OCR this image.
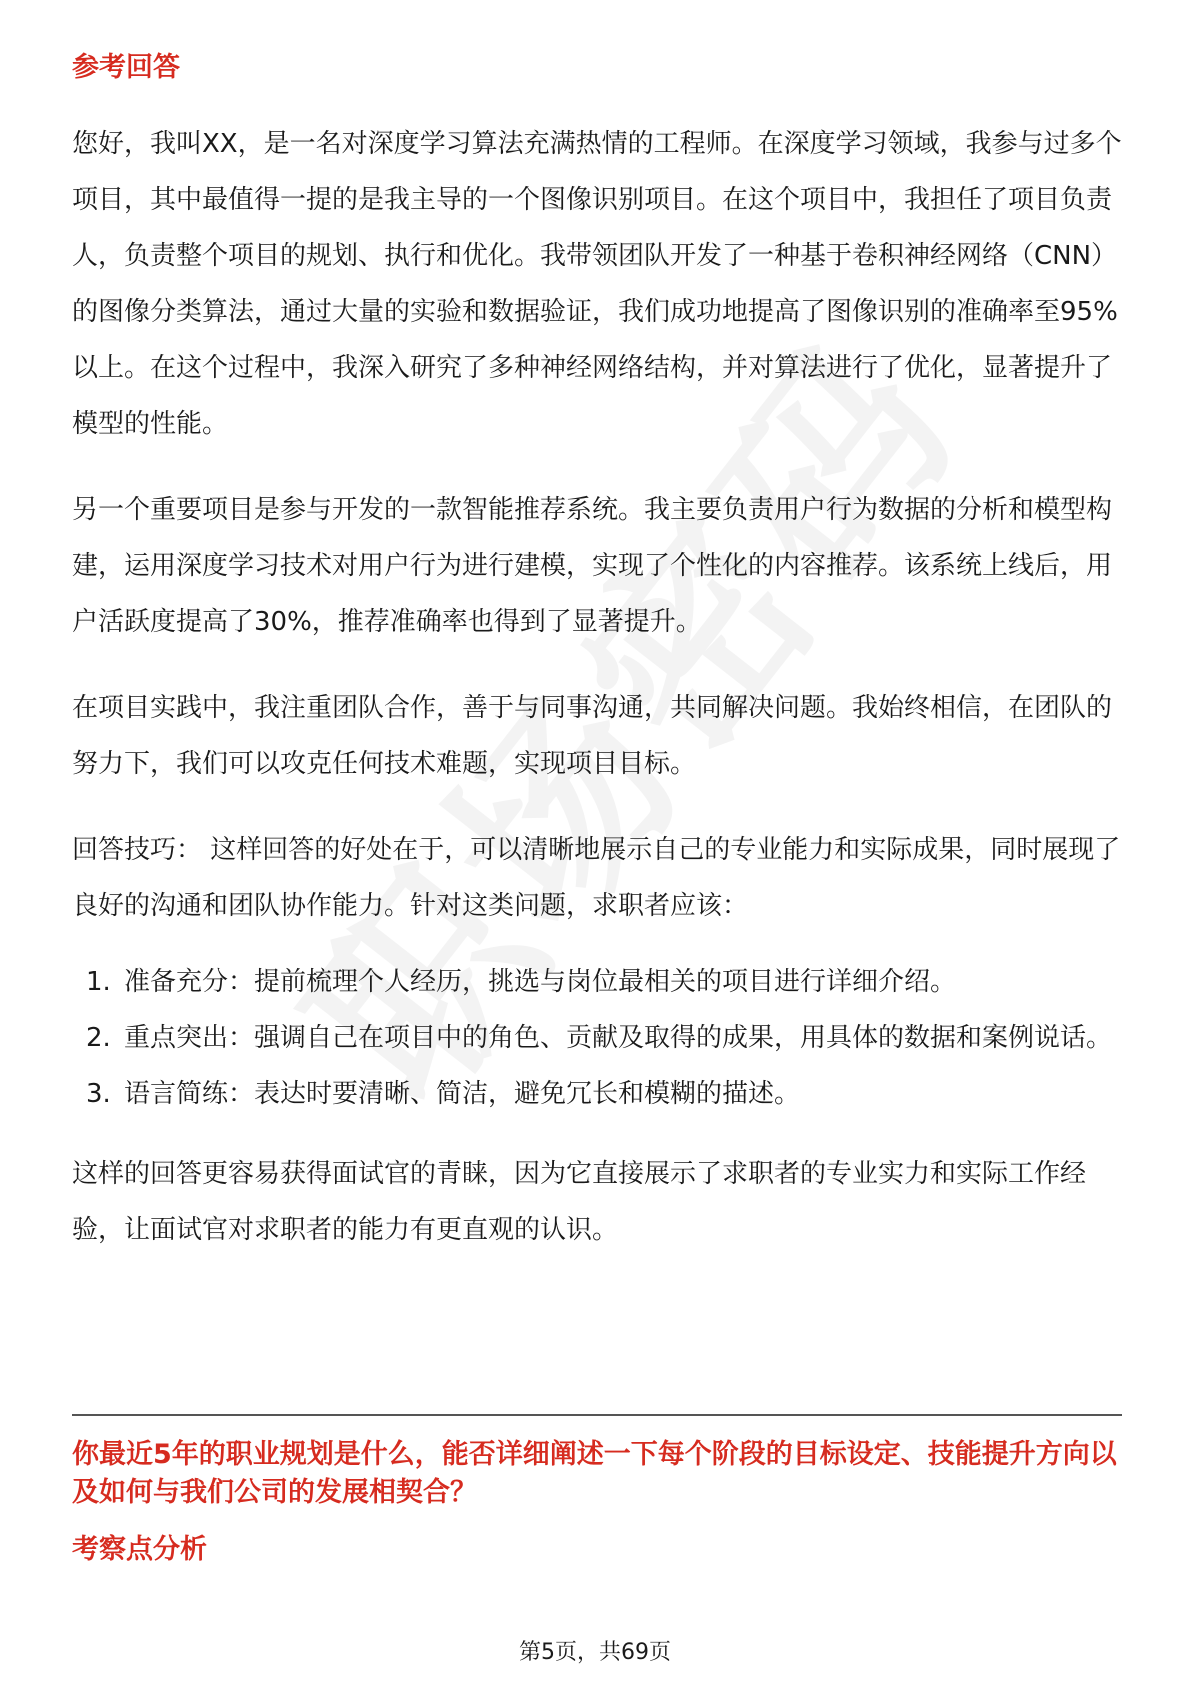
参考回答

您好，我叫XX，是一名对深度学习算法充满热情的工程师。在深度学习领域，我参与过多个项目，其中最值得一提的是我主导的一个图像识别项目。在这个项目中，我担任了项目负责人，负责整个项目的规划、执行和优化。我带领团队开发了一种基于卷积神经网络（CNN）的图像分类算法，通过大量的实验和数据验证，我们成功地提高了图像识别的准确率至95%以上。在这个过程中，我深入研究了多种神经网络结构，并对算法进行了优化，显著提升了模型的性能。

另一个重要项目是参与开发的一款智能推荐系统。我主要负责用户行为数据的分析和模型构建，运用深度学习技术对用户行为进行建模，实现了个性化的内容推荐。该系统上线后，用户活跃度提高了30%，推荐准确率也得到了显著提升。

在项目实践中，我注重团队合作，善于与同事沟通，共同解决问题。我始终相信，在团队的努力下，我们可以攻克任何技术难题，实现项目目标。

回答技巧： 这样回答的好处在于，可以清晰地展示自己的专业能力和实际成果，同时展现了良好的沟通和团队协作能力。针对这类问题，求职者应该：

1. 准备充分：提前梳理个人经历，挑选与岗位最相关的项目进行详细介绍。
2. 重点突出：强调自己在项目中的角色、贡献及取得的成果，用具体的数据和案例说话。
3. 语言简练：表达时要清晰、简洁，避免冗长和模糊的描述。

这样的回答更容易获得面试官的青睐，因为它直接展示了求职者的专业实力和实际工作经验，让面试官对求职者的能力有更直观的认识。

你最近5年的职业规划是什么，能否详细阐述一下每个阶段的目标设定、技能提升方向以及如何与我们公司的发展相契合？
考察点分析
第5页，共69页
